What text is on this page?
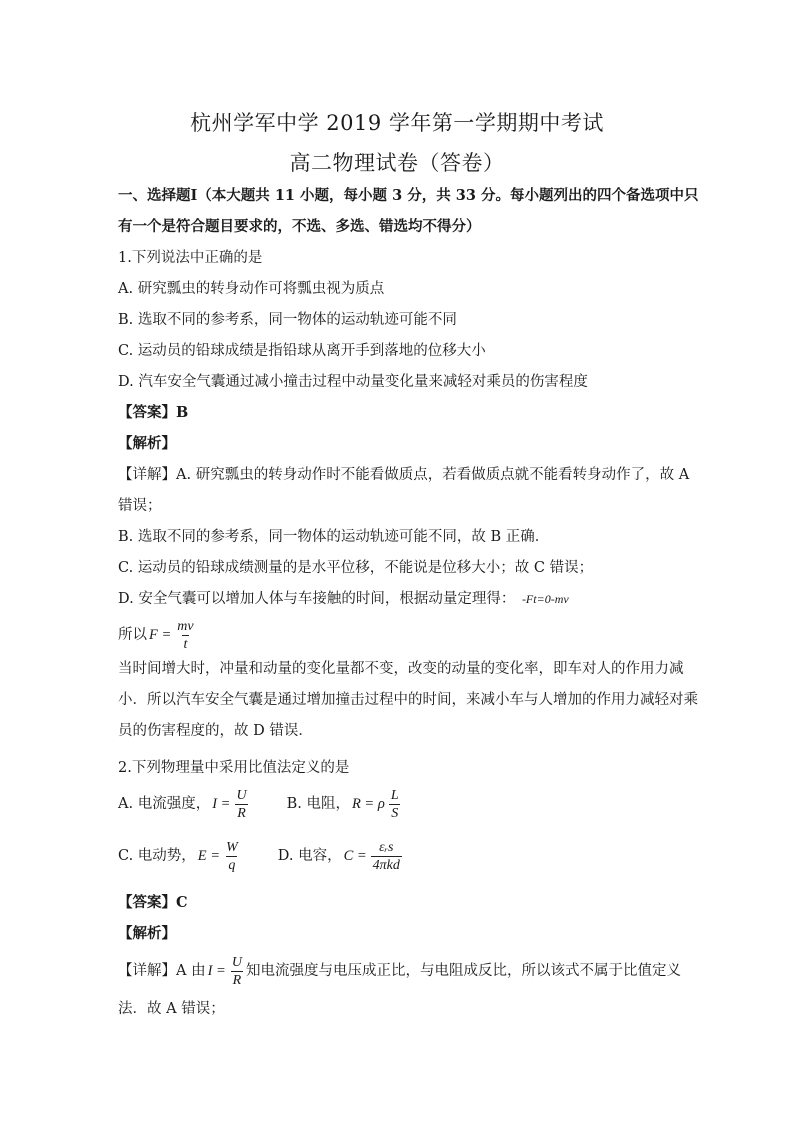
杭州学军中学 2019 学年第一学期期中考试
高二物理试卷（答卷）
一、选择题Ⅰ（本大题共 11 小题，每小题 3 分，共 33 分。每小题列出的四个备选项中只
有一个是符合题目要求的，不选、多选、错选均不得分）
1.下列说法中正确的是
A. 研究瓢虫的转身动作可将瓢虫视为质点
B. 选取不同的参考系，同一物体的运动轨迹可能不同
C. 运动员的铅球成绩是指铅球从离开手到落地的位移大小
D. 汽车安全气囊通过减小撞击过程中动量变化量来减轻对乘员的伤害程度
【答案】B
【解析】
【详解】A. 研究瓢虫的转身动作时不能看做质点，若看做质点就不能看转身动作了，故 A
错误；
B. 选取不同的参考系，同一物体的运动轨迹可能不同，故 B 正确．
C. 运动员的铅球成绩测量的是水平位移，不能说是位移大小；故 C 错误；
D. 安全气囊可以增加人体与车接触的时间，根据动量定理得： -Ft=0-mv
所以 $F = \frac{mv}{t}$
当时间增大时，冲量和动量的变化量都不变，改变的动量的变化率，即车对人的作用力减
小．所以汽车安全气囊是通过增加撞击过程中的时间，来减小车与人增加的作用力减轻对乘
员的伤害程度的，故 D 错误．
2.下列物理量中采用比值法定义的是
A. 电流强度， $I = \frac{U}{R}$	B. 电阻， R = ρ $\frac{L}{S}$
C. 电动势， $E = \frac{W}{q}$	D. 电容， $C = \frac{\text{εᵣs}}{\text{4πkd}}$
【答案】C
【解析】
【详解】A 由 $I = \frac{U}{R}$ 知电流强度与电压成正比，与电阻成反比，所以该式不属于比值定义
法．故 A 错误；
